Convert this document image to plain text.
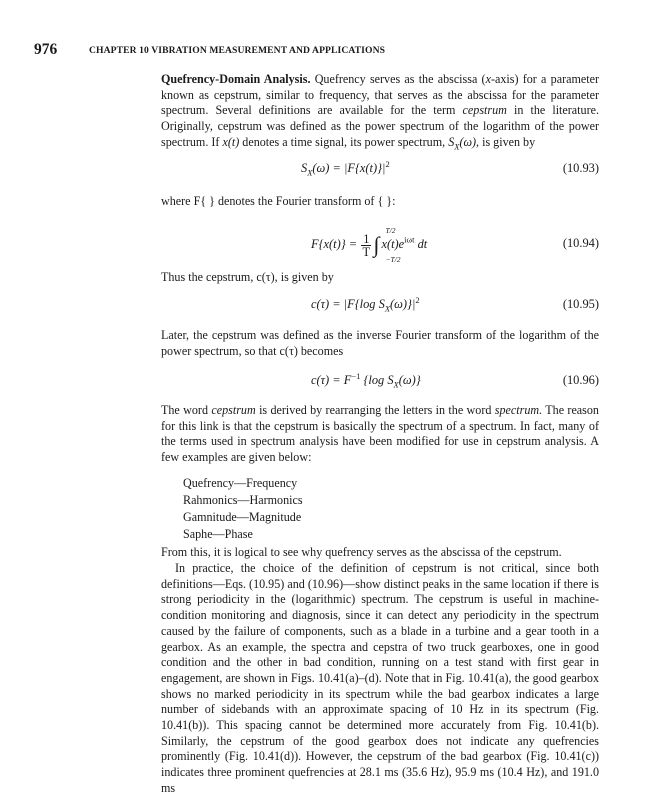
976	CHAPTER 10 VIBRATION MEASUREMENT AND APPLICATIONS

Quefrency-Domain Analysis. Quefrency serves as the abscissa (x-axis) for a parameter known as cepstrum, similar to frequency, that serves as the abscissa for the parameter spectrum. Several definitions are available for the term cepstrum in the literature. Originally, cepstrum was defined as the power spectrum of the logarithm of the power spectrum. If x(t) denotes a time signal, its power spectrum, $S_X(\omega)$, is given by

$S_X(\omega) = |F\{x(t)\}|^2$	(10.93)

where F{ } denotes the Fourier transform of { }:

$F\{x(t)\} = \frac{1}{T}$ ∫
T/2
−T/2
$x(t)e^{i\omega t}$ dt	(10.94)

Thus the cepstrum, c(τ), is given by

c(τ) = |F{log $S_X(\omega)\}|^2$	(10.95)

Later, the cepstrum was defined as the inverse Fourier transform of the logarithm of the power spectrum, so that c(τ) becomes

$c(\tau) = F^{-1}$ {log $S_X(\omega)$}	(10.96)

The word cepstrum is derived by rearranging the letters in the word spectrum. The reason for this link is that the cepstrum is basically the spectrum of a spectrum. In fact, many of the terms used in spectrum analysis have been modified for use in cepstrum analysis. A few examples are given below:

Quefrency—Frequency
Rahmonics—Harmonics
Gamnitude—Magnitude
Saphe—Phase

From this, it is logical to see why quefrency serves as the abscissa of the cepstrum.

In practice, the choice of the definition of cepstrum is not critical, since both definitions—Eqs. (10.95) and (10.96)—show distinct peaks in the same location if there is strong periodicity in the (logarithmic) spectrum. The cepstrum is useful in machine-condition monitoring and diagnosis, since it can detect any periodicity in the spectrum caused by the failure of components, such as a blade in a turbine and a gear tooth in a gearbox. As an example, the spectra and cepstra of two truck gearboxes, one in good condition and the other in bad condition, running on a test stand with first gear in engagement, are shown in Figs. 10.41(a)–(d). Note that in Fig. 10.41(a), the good gearbox shows no marked periodicity in its spectrum while the bad gearbox indicates a large number of sidebands with an approximate spacing of 10 Hz in its spectrum (Fig. 10.41(b)). This spacing cannot be determined more accurately from Fig. 10.41(b). Similarly, the cepstrum of the good gearbox does not indicate any quefrencies prominently (Fig. 10.41(d)). However, the cepstrum of the bad gearbox (Fig. 10.41(c)) indicates three prominent quefrencies at 28.1 ms (35.6 Hz), 95.9 ms (10.4 Hz), and 191.0 ms
